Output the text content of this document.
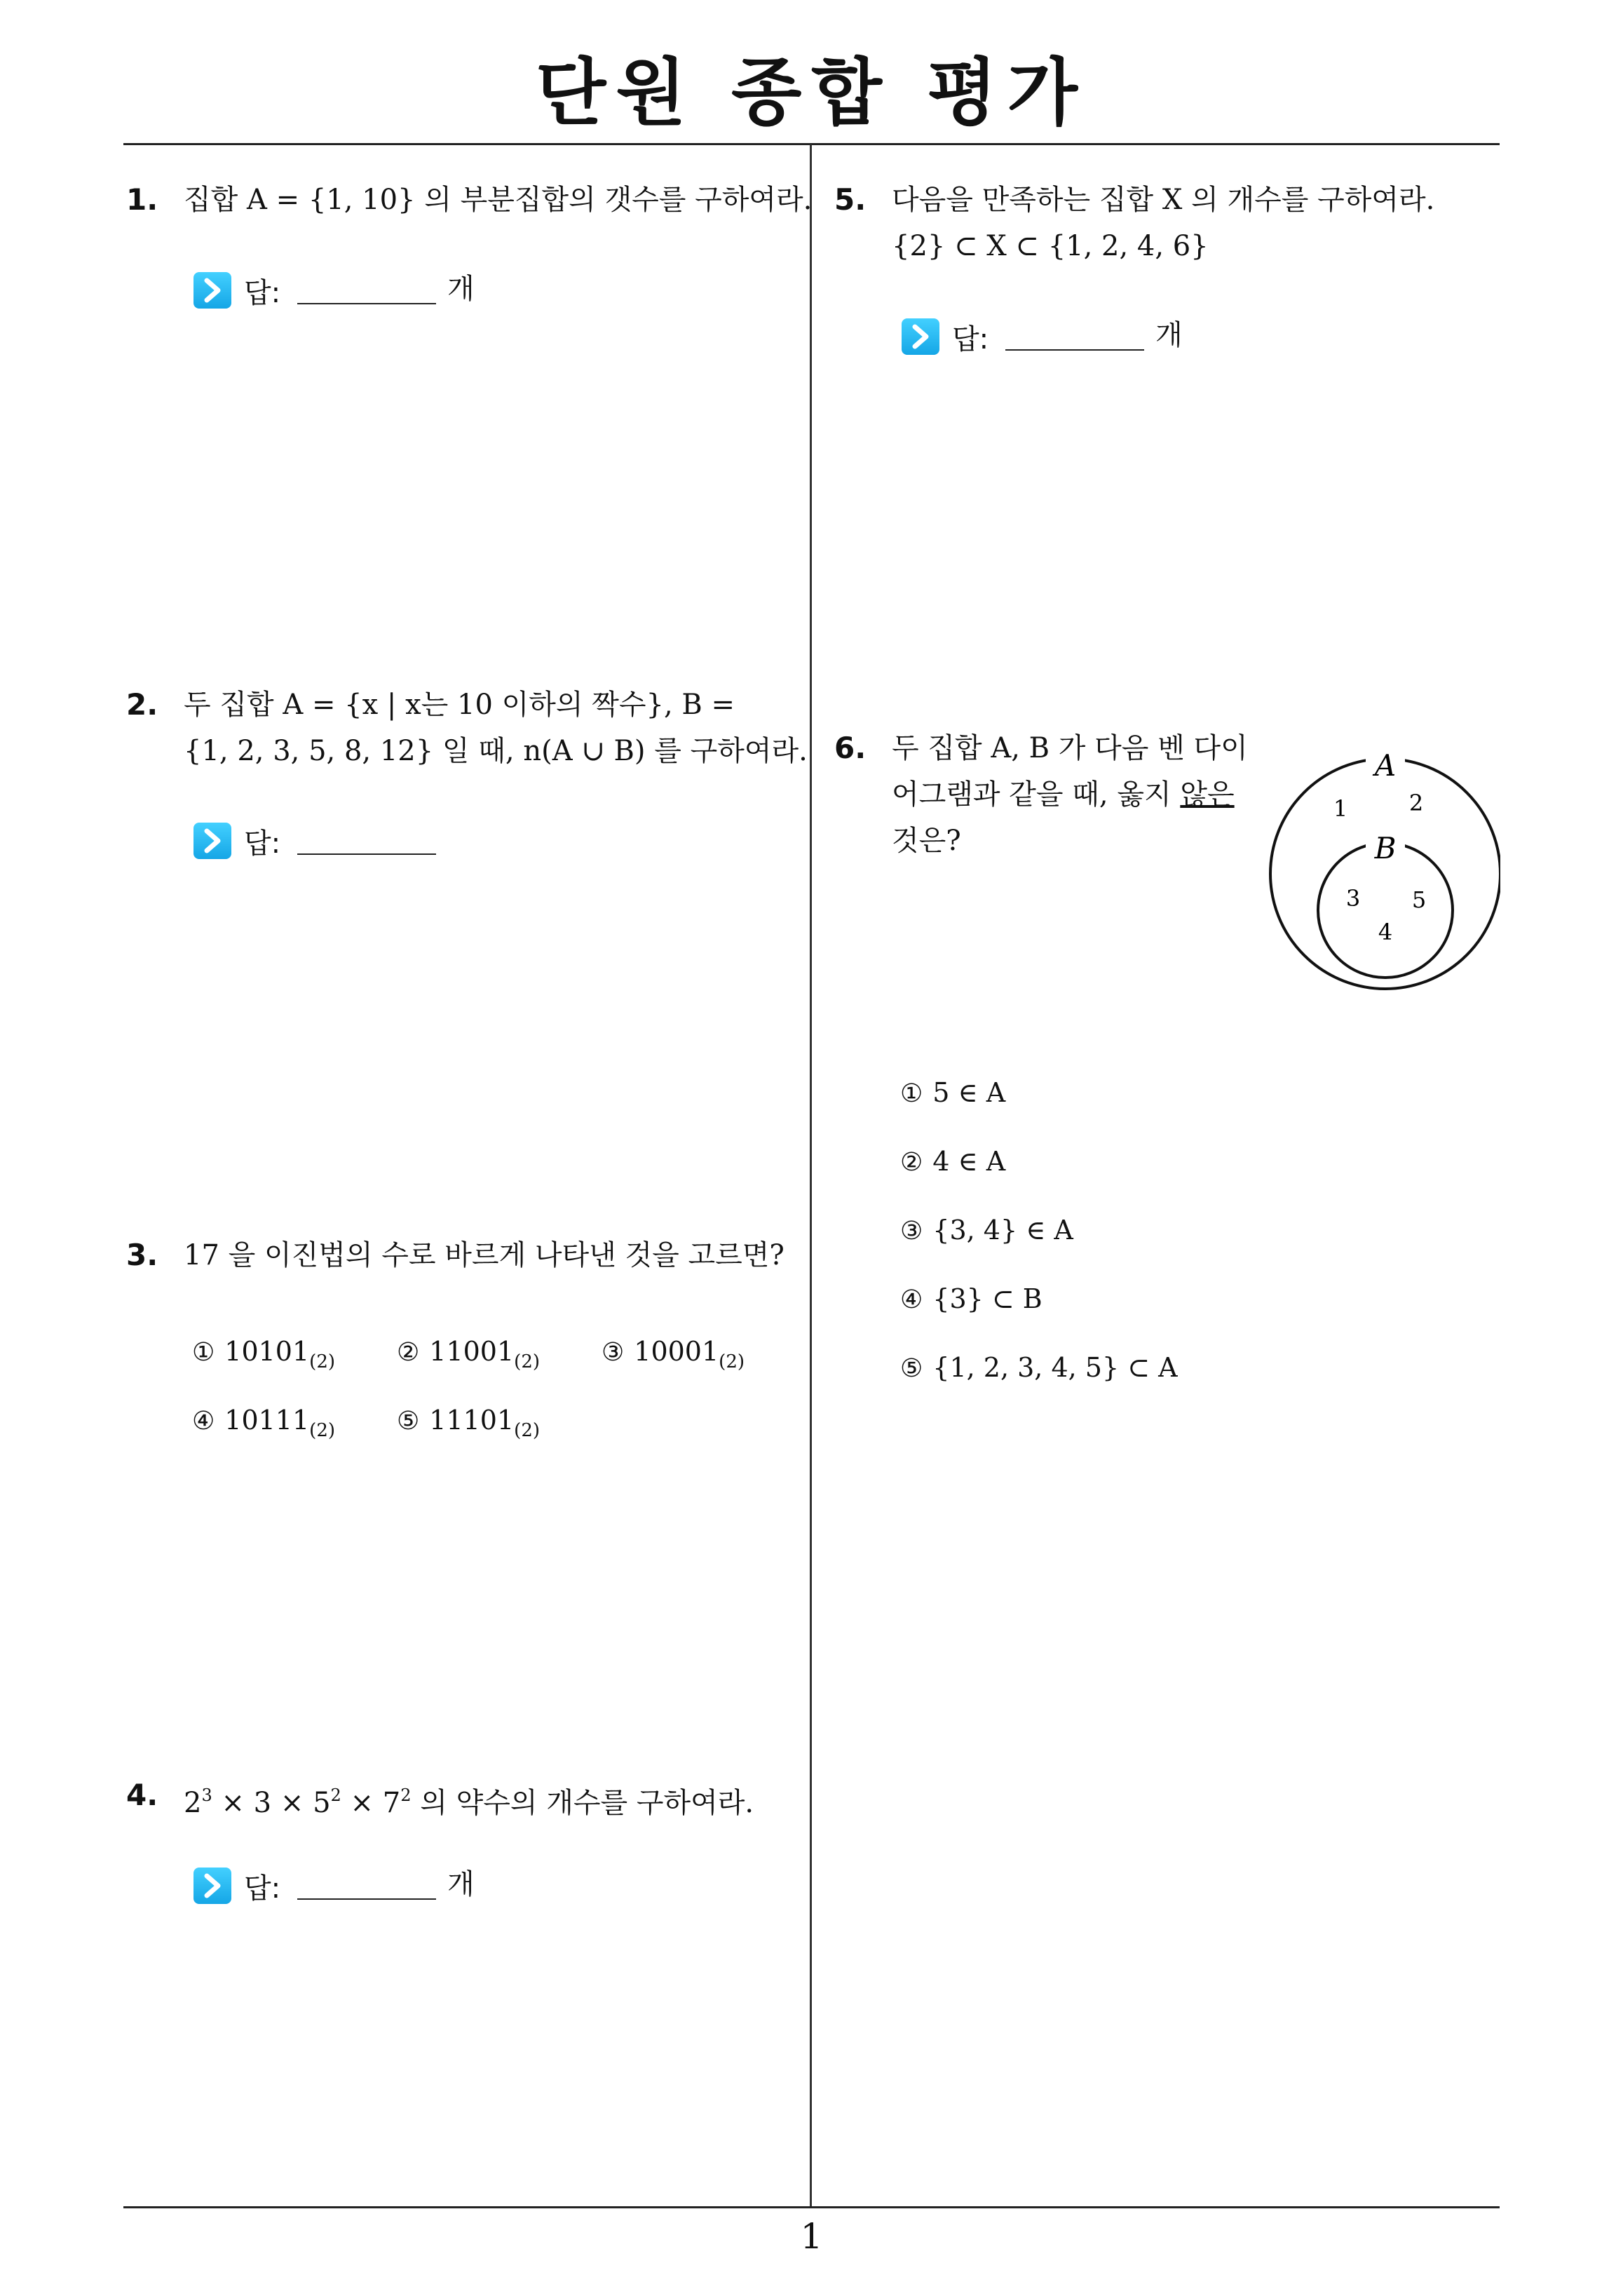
단원 종합 평가
1
1. 집합 A = {1, 10} 의 부분집합의 갯수를 구하여라.
답:	개
2. 두 집합 A = {x | x는 10 이하의 짝수}, B =
{1, 2, 3, 5, 8, 12} 일 때, n(A ∪ B) 를 구하여라.
답:
3. 17 을 이진법의 수로 바르게 나타낸 것을 고르면?
① $10101_{(2)}$ ② $11001_{(2)}$ ③ $10001_{(2)}$
④ $10111_{(2)}$ ⑤ $11101_{(2)}$
4. $2^3 \times 3 \times 5^2 \times 7^2$ 의 약수의 개수를 구하여라.
답:	개
5. 다음을 만족하는 집합 X 의 개수를 구하여라.
{2} ⊂ X ⊂ {1, 2, 4, 6}
답:	개
6. 두 집합 A, B 가 다음 벤 다이
어그램과 같을 때, 옳지 않은
것은?
A
B
1	2
3 5
4
① 5 ∈ A
② 4 ∈ A
③ {3, 4} ∈ A
④ {3} ⊂ B
⑤ {1, 2, 3, 4, 5} ⊂ A
